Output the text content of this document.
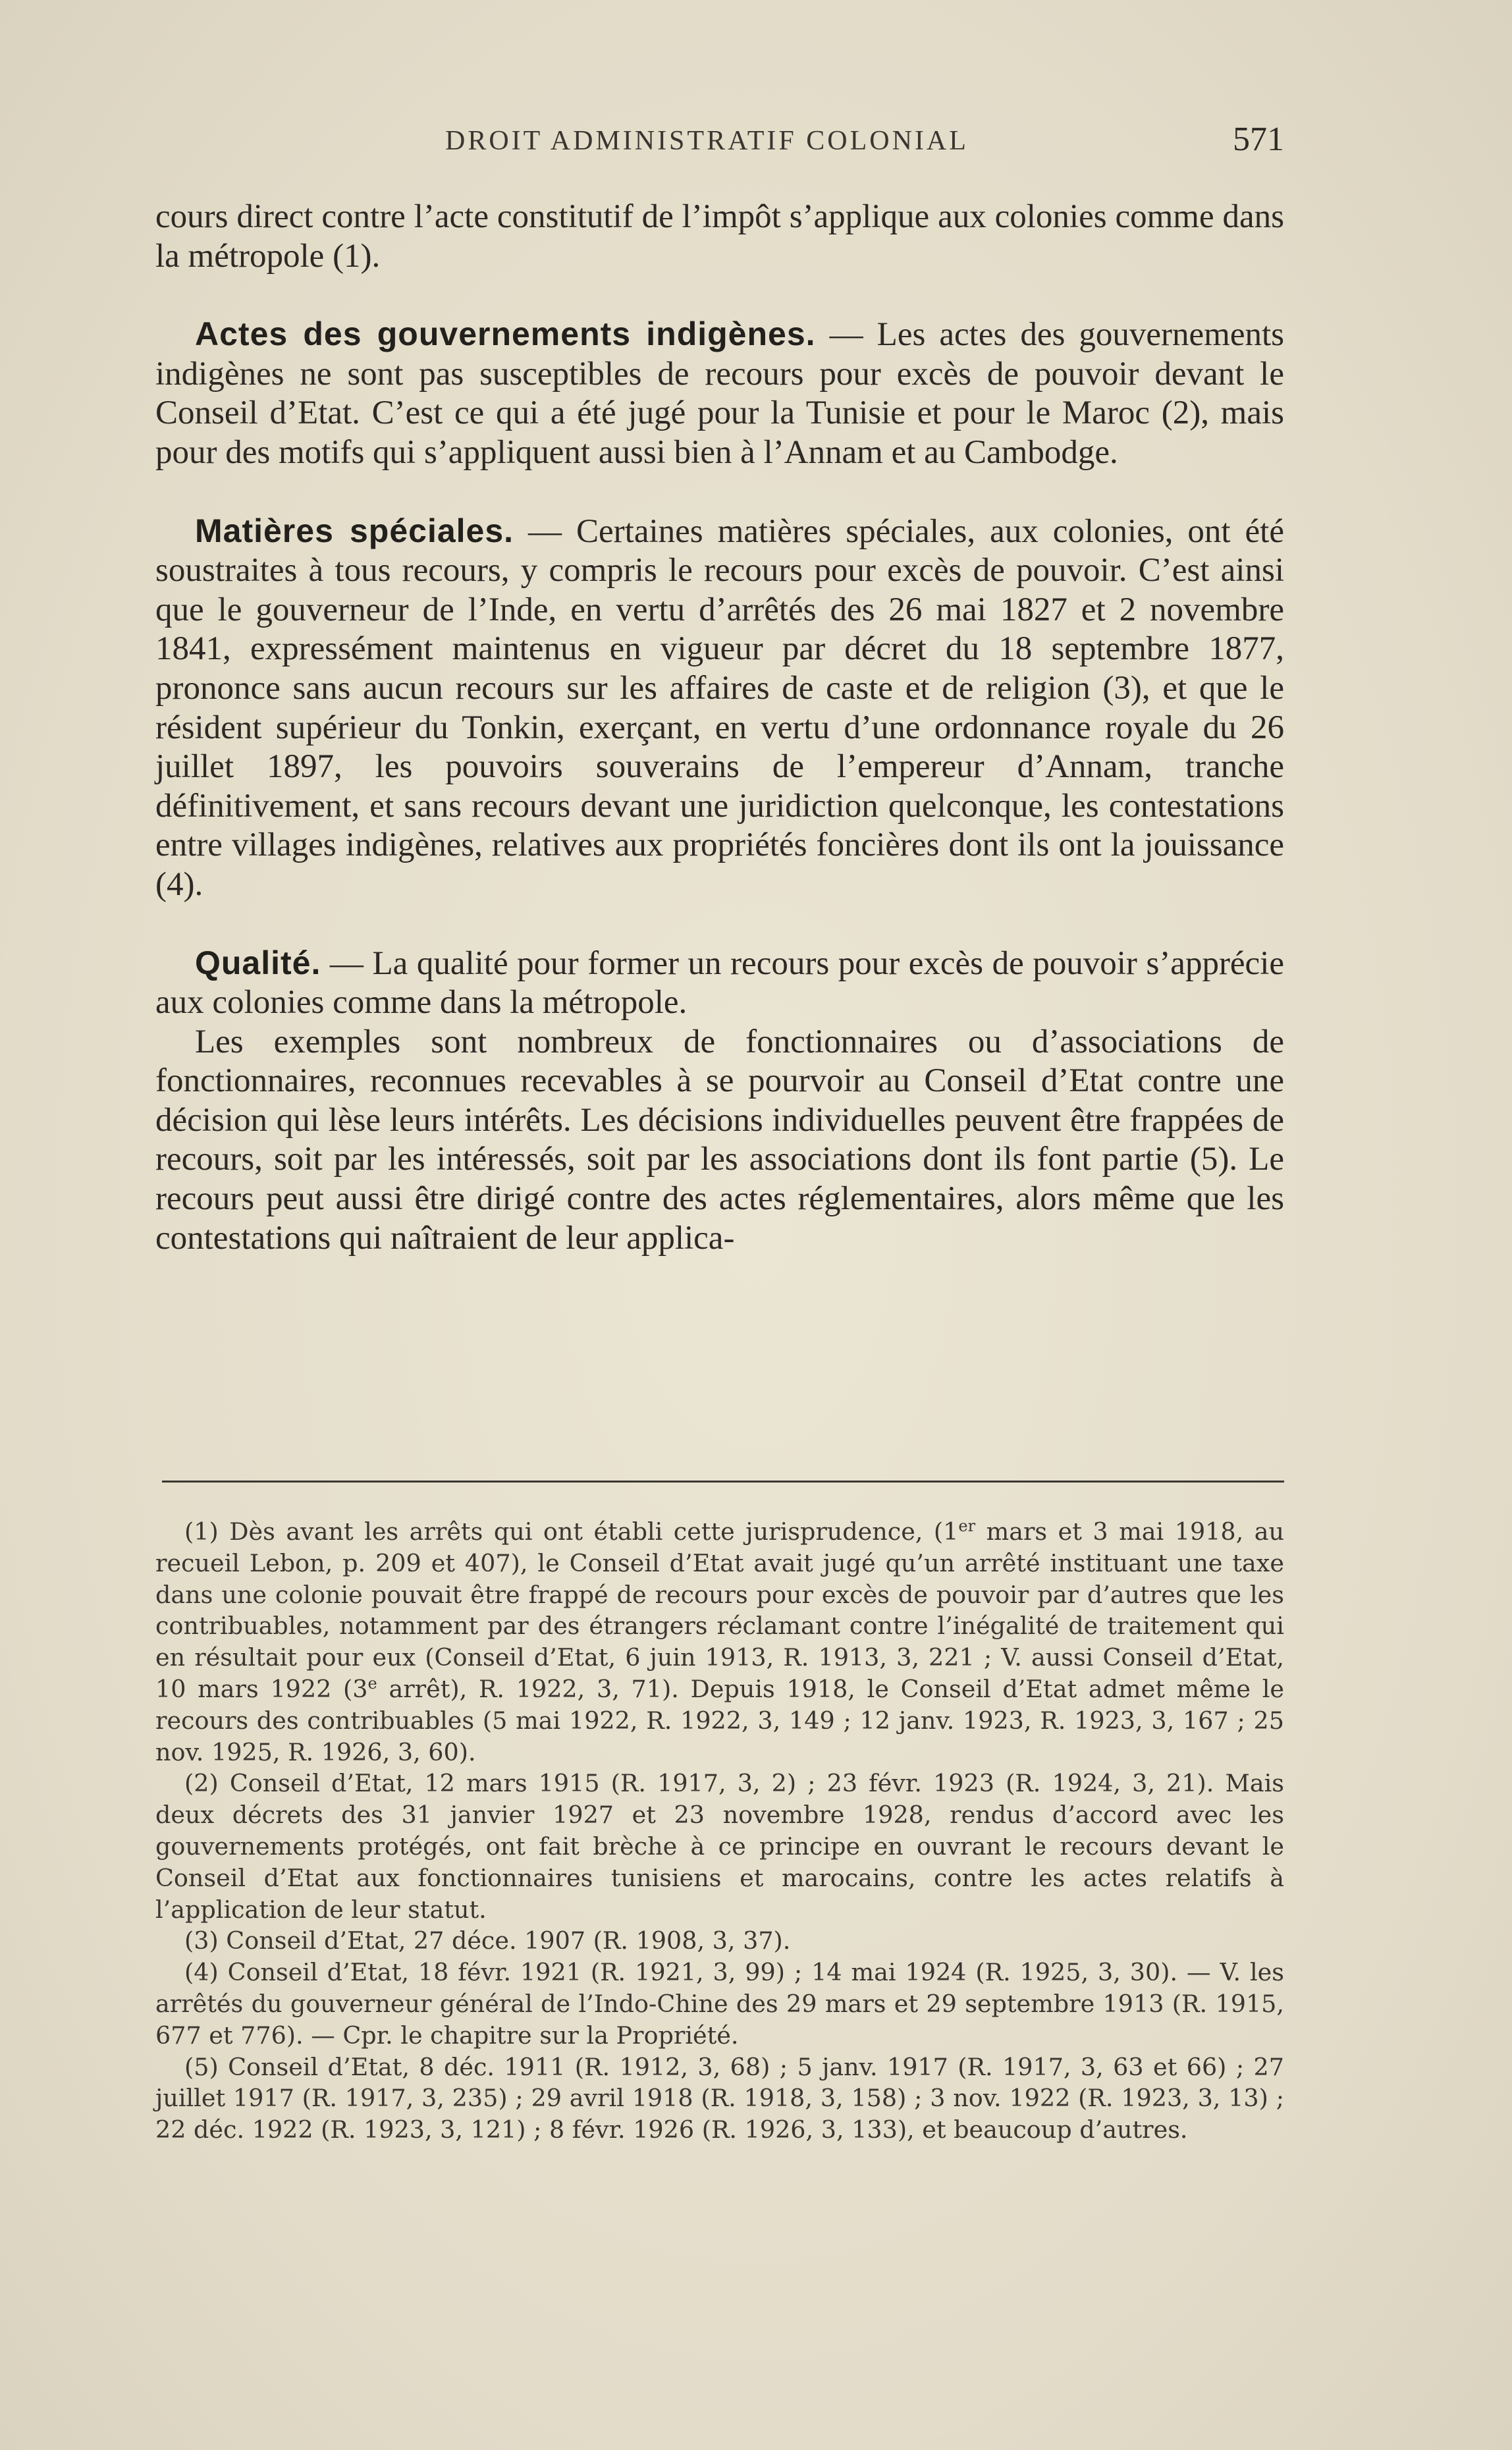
DROIT ADMINISTRATIF COLONIAL	571

cours direct contre l’acte constitutif de l’impôt s’applique aux colonies comme dans la métropole (1).

Actes des gouvernements indigènes. — Les actes des gouvernements indigènes ne sont pas susceptibles de recours pour excès de pouvoir devant le Conseil d’Etat. C’est ce qui a été jugé pour la Tunisie et pour le Maroc (2), mais pour des motifs qui s’appliquent aussi bien à l’Annam et au Cambodge.

Matières spéciales. — Certaines matières spéciales, aux colonies, ont été soustraites à tous recours, y compris le recours pour excès de pouvoir. C’est ainsi que le gouverneur de l’Inde, en vertu d’arrêtés des 26 mai 1827 et 2 novembre 1841, expressément maintenus en vigueur par décret du 18 septembre 1877, prononce sans aucun recours sur les affaires de caste et de religion (3), et que le résident supérieur du Tonkin, exerçant, en vertu d’une ordonnance royale du 26 juillet 1897, les pouvoirs souverains de l’empereur d’Annam, tranche définitivement, et sans recours devant une juridiction quelconque, les contestations entre villages indigènes, relatives aux propriétés foncières dont ils ont la jouissance (4).

Qualité. — La qualité pour former un recours pour excès de pouvoir s’apprécie aux colonies comme dans la métropole.

Les exemples sont nombreux de fonctionnaires ou d’associations de fonctionnaires, reconnues recevables à se pourvoir au Conseil d’Etat contre une décision qui lèse leurs intérêts. Les décisions individuelles peuvent être frappées de recours, soit par les intéressés, soit par les associations dont ils font partie (5). Le recours peut aussi être dirigé contre des actes réglementaires, alors même que les contestations qui naîtraient de leur applica-

(1) Dès avant les arrêts qui ont établi cette jurisprudence, (1er mars et 3 mai 1918, au recueil Lebon, p. 209 et 407), le Conseil d’Etat avait jugé qu’un arrêté instituant une taxe dans une colonie pouvait être frappé de recours pour excès de pouvoir par d’autres que les contribuables, notamment par des étrangers réclamant contre l’inégalité de traitement qui en résultait pour eux (Conseil d’Etat, 6 juin 1913, R. 1913, 3, 221 ; V. aussi Conseil d’Etat, 10 mars 1922 (3e arrêt), R. 1922, 3, 71). Depuis 1918, le Conseil d’Etat admet même le recours des contribuables (5 mai 1922, R. 1922, 3, 149 ; 12 janv. 1923, R. 1923, 3, 167 ; 25 nov. 1925, R. 1926, 3, 60).

(2) Conseil d’Etat, 12 mars 1915 (R. 1917, 3, 2) ; 23 févr. 1923 (R. 1924, 3, 21). Mais deux décrets des 31 janvier 1927 et 23 novembre 1928, rendus d’accord avec les gouvernements protégés, ont fait brèche à ce principe en ouvrant le recours devant le Conseil d’Etat aux fonctionnaires tunisiens et marocains, contre les actes relatifs à l’application de leur statut.

(3) Conseil d’Etat, 27 déce. 1907 (R. 1908, 3, 37).

(4) Conseil d’Etat, 18 févr. 1921 (R. 1921, 3, 99) ; 14 mai 1924 (R. 1925, 3, 30). — V. les arrêtés du gouverneur général de l’Indo-Chine des 29 mars et 29 septembre 1913 (R. 1915, 677 et 776). — Cpr. le chapitre sur la Propriété.

(5) Conseil d’Etat, 8 déc. 1911 (R. 1912, 3, 68) ; 5 janv. 1917 (R. 1917, 3, 63 et 66) ; 27 juillet 1917 (R. 1917, 3, 235) ; 29 avril 1918 (R. 1918, 3, 158) ; 3 nov. 1922 (R. 1923, 3, 13) ; 22 déc. 1922 (R. 1923, 3, 121) ; 8 févr. 1926 (R. 1926, 3, 133), et beaucoup d’autres.
